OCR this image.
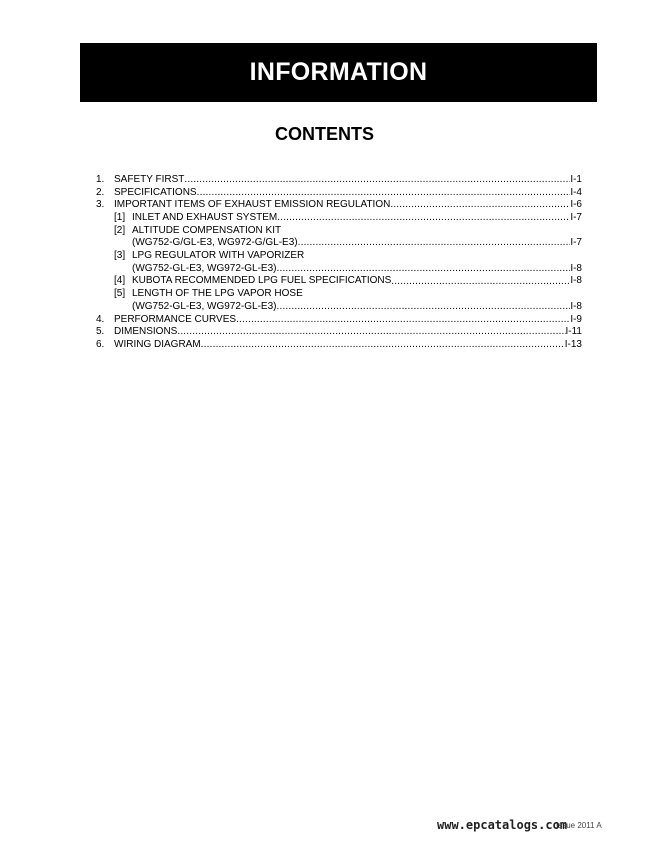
INFORMATION
CONTENTS
1. SAFETY FIRST .....	I-1
2. SPECIFICATIONS .....	I-4
3. IMPORTANT ITEMS OF EXHAUST EMISSION REGULATION .....	I-6
[1] INLET AND EXHAUST SYSTEM .....	I-7
[2] ALTITUDE COMPENSATION KIT
(WG752-G/GL-E3, WG972-G/GL-E3) .....	I-7
[3] LPG REGULATOR WITH VAPORIZER
(WG752-GL-E3, WG972-GL-E3) .....	I-8
[4] KUBOTA RECOMMENDED LPG FUEL SPECIFICATIONS .....	I-8
[5] LENGTH OF THE LPG VAPOR HOSE
(WG752-GL-E3, WG972-GL-E3) .....	I-8
4. PERFORMANCE CURVES .....	I-9
5. DIMENSIONS .....	I-11
6. WIRING DIAGRAM .....	I-13
Issue 2011 A
www.epcatalogs.com
